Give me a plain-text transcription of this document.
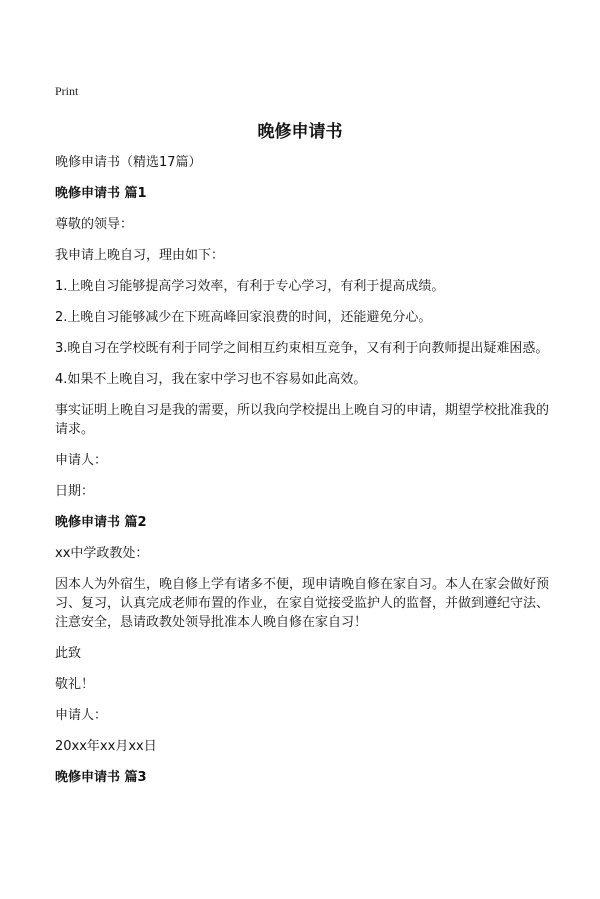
Print
晚修申请书

晚修申请书（精选17篇）

晚修申请书 篇1

尊敬的领导：

我申请上晚自习，理由如下：

1.上晚自习能够提高学习效率，有利于专心学习，有利于提高成绩。

2.上晚自习能够减少在下班高峰回家浪费的时间，还能避免分心。

3.晚自习在学校既有利于同学之间相互约束相互竞争，又有利于向教师提出疑难困惑。

4.如果不上晚自习，我在家中学习也不容易如此高效。

事实证明上晚自习是我的需要，所以我向学校提出上晚自习的申请，期望学校批准我的请求。

申请人：

日期：

晚修申请书 篇2

xx中学政教处：

因本人为外宿生，晚自修上学有诸多不便，现申请晚自修在家自习。本人在家会做好预习、复习，认真完成老师布置的作业，在家自觉接受监护人的监督，并做到遵纪守法、注意安全，恳请政教处领导批准本人晚自修在家自习！

此致

敬礼！

申请人：

20xx年xx月xx日

晚修申请书 篇3
